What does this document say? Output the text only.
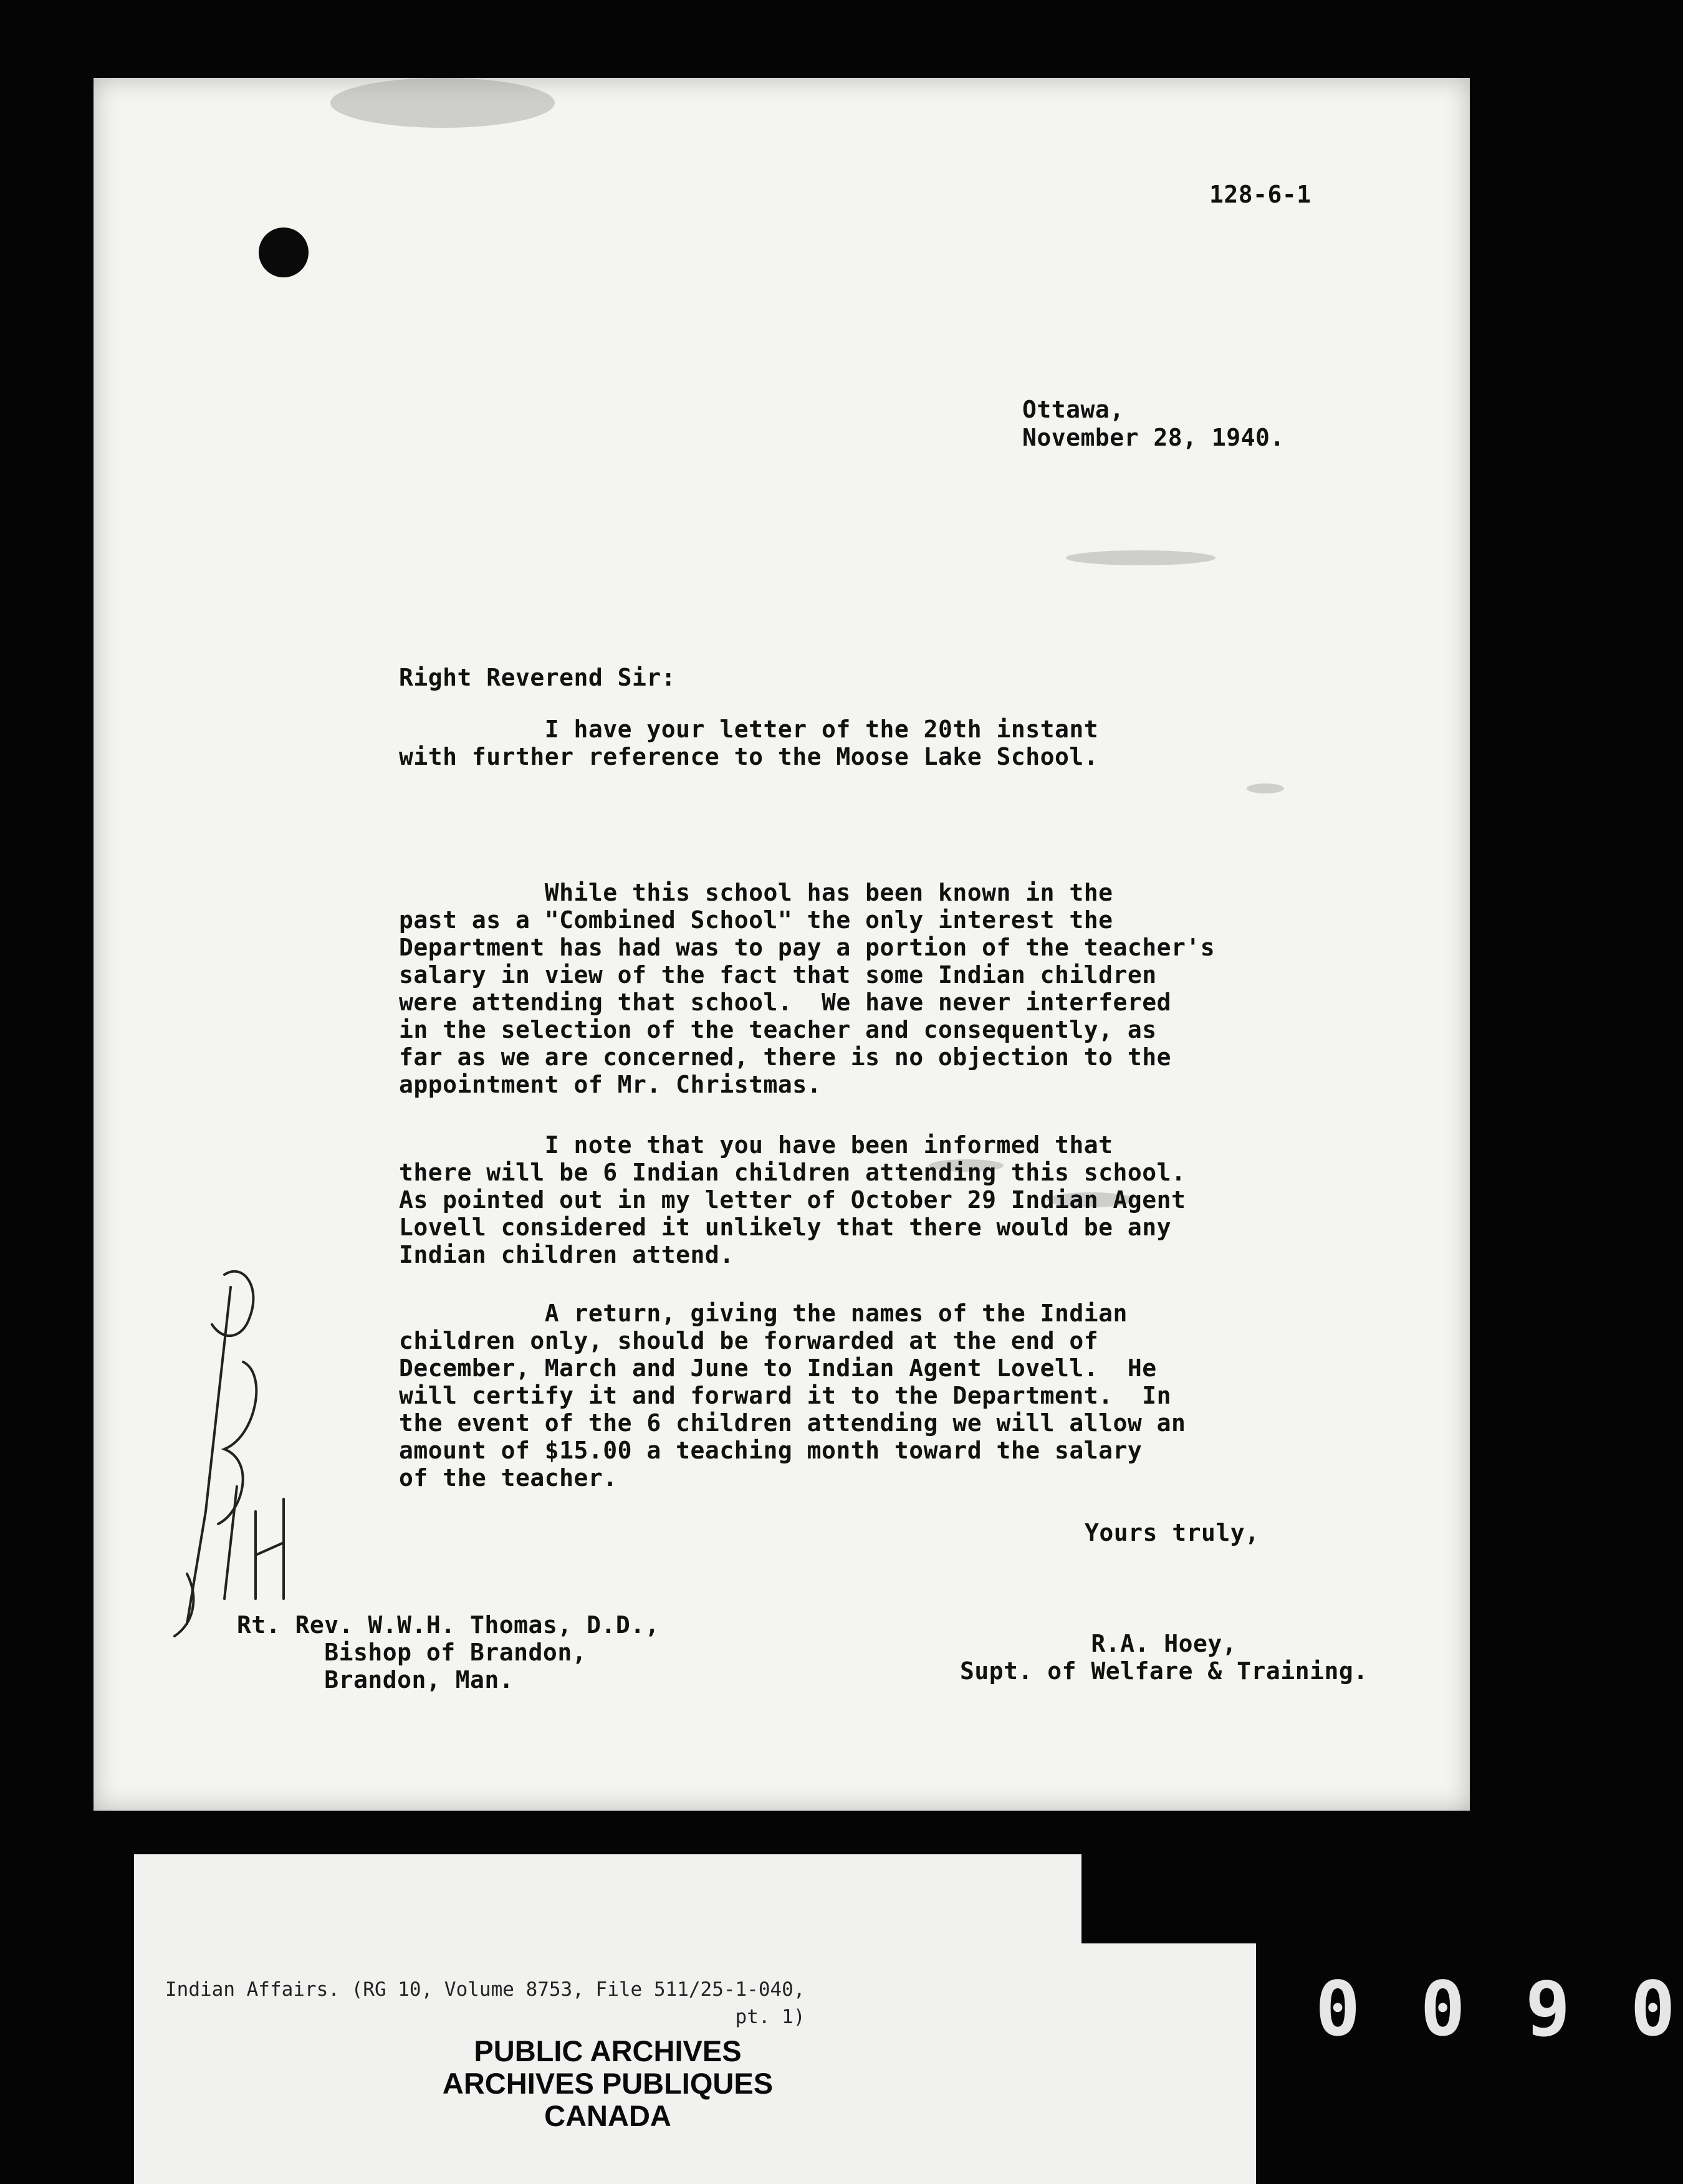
128-6-1
Ottawa,
November 28, 1940.
Right Reverend Sir:
I have your letter of the 20th instant
with further reference to the Moose Lake School.
While this school has been known in the
past as a "Combined School" the only interest the
Department has had was to pay a portion of the teacher's
salary in view of the fact that some Indian children
were attending that school.  We have never interfered
in the selection of the teacher and consequently, as
far as we are concerned, there is no objection to the
appointment of Mr. Christmas.
I note that you have been informed that
there will be 6 Indian children attending this school.
As pointed out in my letter of October 29 Indian Agent
Lovell considered it unlikely that there would be any
Indian children attend.
A return, giving the names of the Indian
children only, should be forwarded at the end of
December, March and June to Indian Agent Lovell.  He
will certify it and forward it to the Department.  In
the event of the 6 children attending we will allow an
amount of $15.00 a teaching month toward the salary
of the teacher.
Yours truly,
Rt. Rev. W.W.H. Thomas, D.D.,
Bishop of Brandon,
Brandon, Man.
R.A. Hoey,
Supt. of Welfare & Training.
Indian Affairs. (RG 10, Volume 8753, File 511/25-1-040,
pt. 1)
PUBLIC ARCHIVES
ARCHIVES PUBLIQUES
CANADA
0 0 9 0
